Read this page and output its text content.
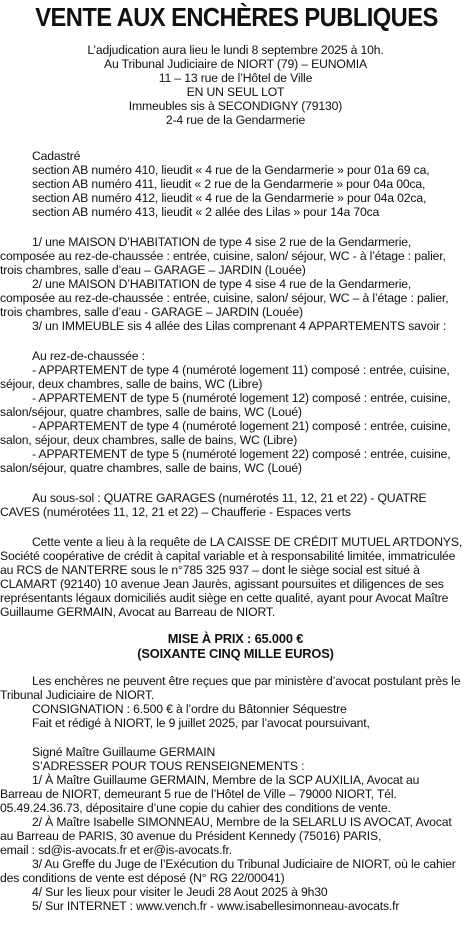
VENTE AUX ENCHÈRES PUBLIQUES
L’adjudication aura lieu le lundi 8 septembre 2025 à 10h.
Au Tribunal Judiciaire de NIORT (79) – EUNOMIA
11 – 13 rue de l’Hôtel de Ville
EN UN SEUL LOT
Immeubles sis à SECONDIGNY (79130)
2-4 rue de la Gendarmerie
Cadastré
section AB numéro 410, lieudit « 4 rue de la Gendarmerie » pour 01a 69 ca,
section AB numéro 411, lieudit « 2 rue de la Gendarmerie » pour 04a 00ca,
section AB numéro 412, lieudit « 4 rue de la Gendarmerie » pour 04a 02ca,
section AB numéro 413, lieudit « 2 allée des Lilas » pour 14a 70ca
1/ une MAISON D’HABITATION de type 4 sise 2 rue de la Gendarmerie,
composée au rez-de-chaussée : entrée, cuisine, salon/ séjour, WC - à l’étage : palier,
trois chambres, salle d’eau – GARAGE – JARDIN (Louée)
2/ une MAISON D’HABITATION de type 4 sise 4 rue de la Gendarmerie,
composée au rez-de-chaussée : entrée, cuisine, salon/ séjour, WC – à l’étage : palier,
trois chambres, salle d’eau - GARAGE – JARDIN (Louée)
3/ un IMMEUBLE sis 4 allée des Lilas comprenant 4 APPARTEMENTS savoir :
Au rez-de-chaussée :
- APPARTEMENT de type 4 (numéroté logement 11) composé : entrée, cuisine,
séjour, deux chambres, salle de bains, WC (Libre)
- APPARTEMENT de type 5 (numéroté logement 12) composé : entrée, cuisine,
salon/séjour, quatre chambres, salle de bains, WC (Loué)
- APPARTEMENT de type 4 (numéroté logement 21) composé : entrée, cuisine,
salon, séjour, deux chambres, salle de bains, WC (Libre)
- APPARTEMENT de type 5 (numéroté logement 22) composé : entrée, cuisine,
salon/séjour, quatre chambres, salle de bains, WC (Loué)
Au sous-sol : QUATRE GARAGES (numérotés 11, 12, 21 et 22) - QUATRE
CAVES (numérotées 11, 12, 21 et 22) – Chaufferie - Espaces verts
Cette vente a lieu à la requête de LA CAISSE DE CRÉDIT MUTUEL ARTDONYS,
Société coopérative de crédit à capital variable et à responsabilité limitée, immatriculée
au RCS de NANTERRE sous le n°785 325 937 – dont le siège social est situé à
CLAMART (92140) 10 avenue Jean Jaurès, agissant poursuites et diligences de ses
représentants légaux domiciliés audit siège en cette qualité, ayant pour Avocat Maître
Guillaume GERMAIN, Avocat au Barreau de NIORT.
MISE À PRIX : 65.000 €
(SOIXANTE CINQ MILLE EUROS)
Les enchères ne peuvent être reçues que par ministère d’avocat postulant près le
Tribunal Judiciaire de NIORT.
CONSIGNATION : 6.500 € à l’ordre du Bâtonnier Séquestre
Fait et rédigé à NIORT, le 9 juillet 2025, par l’avocat poursuivant,
Signé Maître Guillaume GERMAIN
S’ADRESSER POUR TOUS RENSEIGNEMENTS :
1/ À Maître Guillaume GERMAIN, Membre de la SCP AUXILIA, Avocat au
Barreau de NIORT, demeurant 5 rue de l’Hôtel de Ville – 79000 NIORT, Tél.
05.49.24.36.73, dépositaire d’une copie du cahier des conditions de vente.
2/ À Maître Isabelle SIMONNEAU, Membre de la SELARLU IS AVOCAT, Avocat
au Barreau de PARIS, 30 avenue du Président Kennedy (75016) PARIS,
email : sd@is-avocats.fr et er@is-avocats.fr.
3/ Au Greffe du Juge de l’Exécution du Tribunal Judiciaire de NIORT, où le cahier
des conditions de vente est déposé (N° RG 22/00041)
4/ Sur les lieux pour visiter le Jeudi 28 Aout 2025 à 9h30
5/ Sur INTERNET : www.vench.fr - www.isabellesimonneau-avocats.fr
